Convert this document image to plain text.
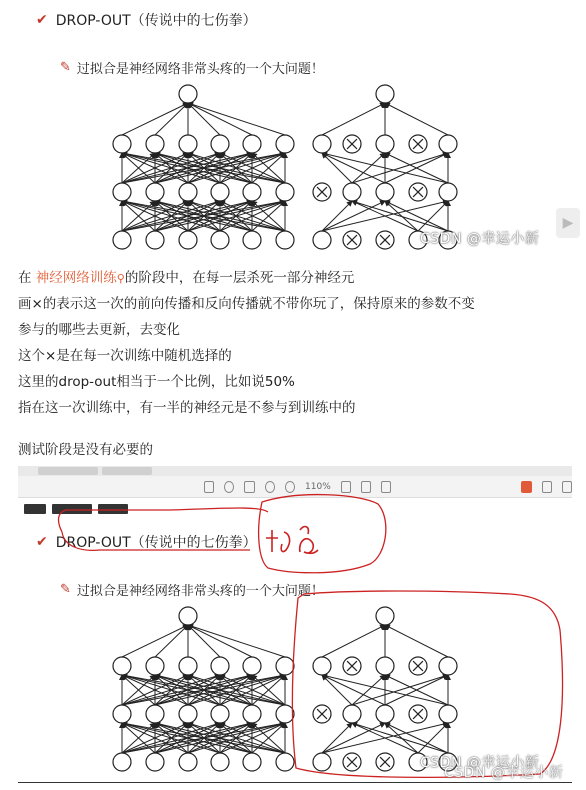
✔ DROP-OUT（传说中的七伤拳）
✎ 过拟合是神经网络非常头疼的一个大问题！
CSDN @幸运小新
▶
在 神经网络训练⚲的阶段中，在每一层杀死一部分神经元
画×的表示这一次的前向传播和反向传播就不带你玩了，保持原来的参数不变
参与的哪些去更新，去变化
这个×是在每一次训练中随机选择的
这里的drop-out相当于一个比例，比如说50%
指在这一次训练中，有一半的神经元是不参与到训练中的
测试阶段是没有必要的
110%
✔ DROP-OUT（传说中的七伤拳）
✎ 过拟合是神经网络非常头疼的一个大问题！
CSDN @幸运小新
CSDN @幸运小新
